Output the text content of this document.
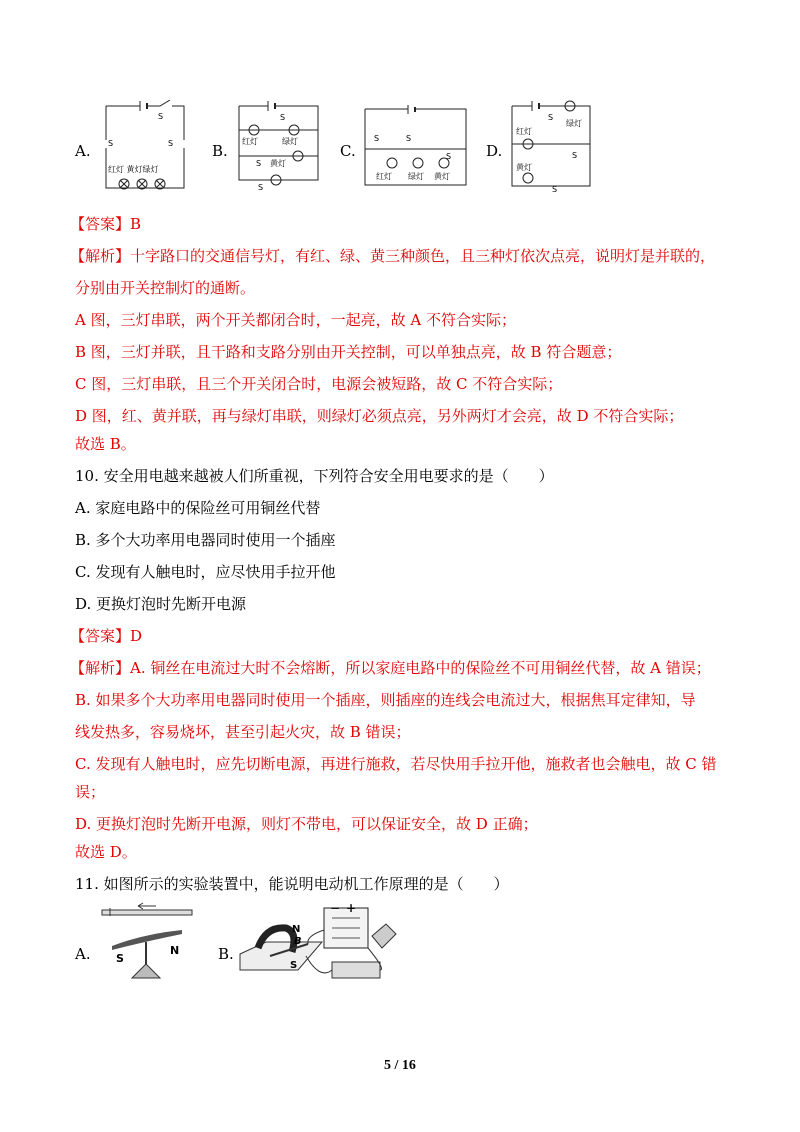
A.
S
S	S
红灯 黄灯绿灯
B.
S
红灯	绿灯
S 黄灯
S
C.
S	S
S
红灯 绿灯 黄灯
D.
S
绿灯
红灯
S
黄灯
S
【答案】B
【解析】十字路口的交通信号灯，有红、绿、黄三种颜色，且三种灯依次点亮，说明灯是并联的，
分别由开关控制灯的通断。
A 图，三灯串联，两个开关都闭合时，一起亮，故 A 不符合实际；
B 图，三灯并联，且干路和支路分别由开关控制，可以单独点亮，故 B 符合题意；
C 图，三灯串联，且三个开关闭合时，电源会被短路，故 C 不符合实际；
D 图，红、黄并联，再与绿灯串联，则绿灯必须点亮，另外两灯才会亮，故 D 不符合实际；
故选 B。
10. 安全用电越来越被人们所重视，下列符合安全用电要求的是（　　）
A. 家庭电路中的保险丝可用铜丝代替
B. 多个大功率用电器同时使用一个插座
C. 发现有人触电时，应尽快用手拉开他
D. 更换灯泡时先断开电源
【答案】D
【解析】A. 铜丝在电流过大时不会熔断，所以家庭电路中的保险丝不可用铜丝代替，故 A 错误；
B. 如果多个大功率用电器同时使用一个插座，则插座的连线会电流过大，根据焦耳定律知，导
线发热多，容易烧坏，甚至引起火灾，故 B 错误；
C. 发现有人触电时，应先切断电源，再进行施救，若尽快用手拉开他，施救者也会触电，故 C 错
误；
D. 更换灯泡时先断开电源，则灯不带电，可以保证安全，故 D 正确；
故选 D。
11. 如图所示的实验装置中，能说明电动机工作原理的是（　　）
A. S
N	B.
N
B
S
− +
5 / 16
